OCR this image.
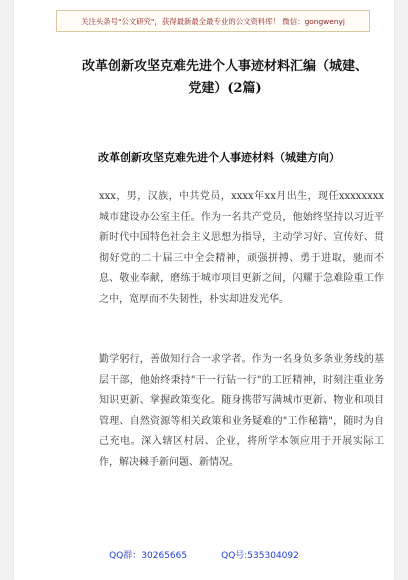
关注头条号"公文研究"，获得最新最全最专业的公文资料库！ 微信：gongwenyj
改革创新攻坚克难先进个人事迹材料汇编（城建、党建）(2篇)
改革创新攻坚克难先进个人事迹材料（城建方向）

xxx，男，汉族，中共党员，xxxx年xx月出生，现任xxxxxxxx城市建设办公室主任。作为一名共产党员，他始终坚持以习近平新时代中国特色社会主义思想为指导，主动学习好、宣传好、贯彻好党的二十届三中全会精神，顽强拼搏、勇于进取，驰而不息、敬业奉献，磨练于城市项目更新之间，闪耀于急难险重工作之中，宽厚而不失韧性，朴实却进发光华。

勤学躬行，善做知行合一求学者。作为一名身负多条业务线的基层干部，他始终秉持"干一行钻一行"的工匠精神，时刻注重业务知识更新、掌握政策变化。随身携带写满城市更新、物业和项目管理、自然资源等相关政策和业务疑难的"工作秘籍"，随时为自己充电。深入辖区村居、企业，将所学本领应用于开展实际工作，解决棘手新问题、新情况。

QQ群：30265665	QQ号:535304092
